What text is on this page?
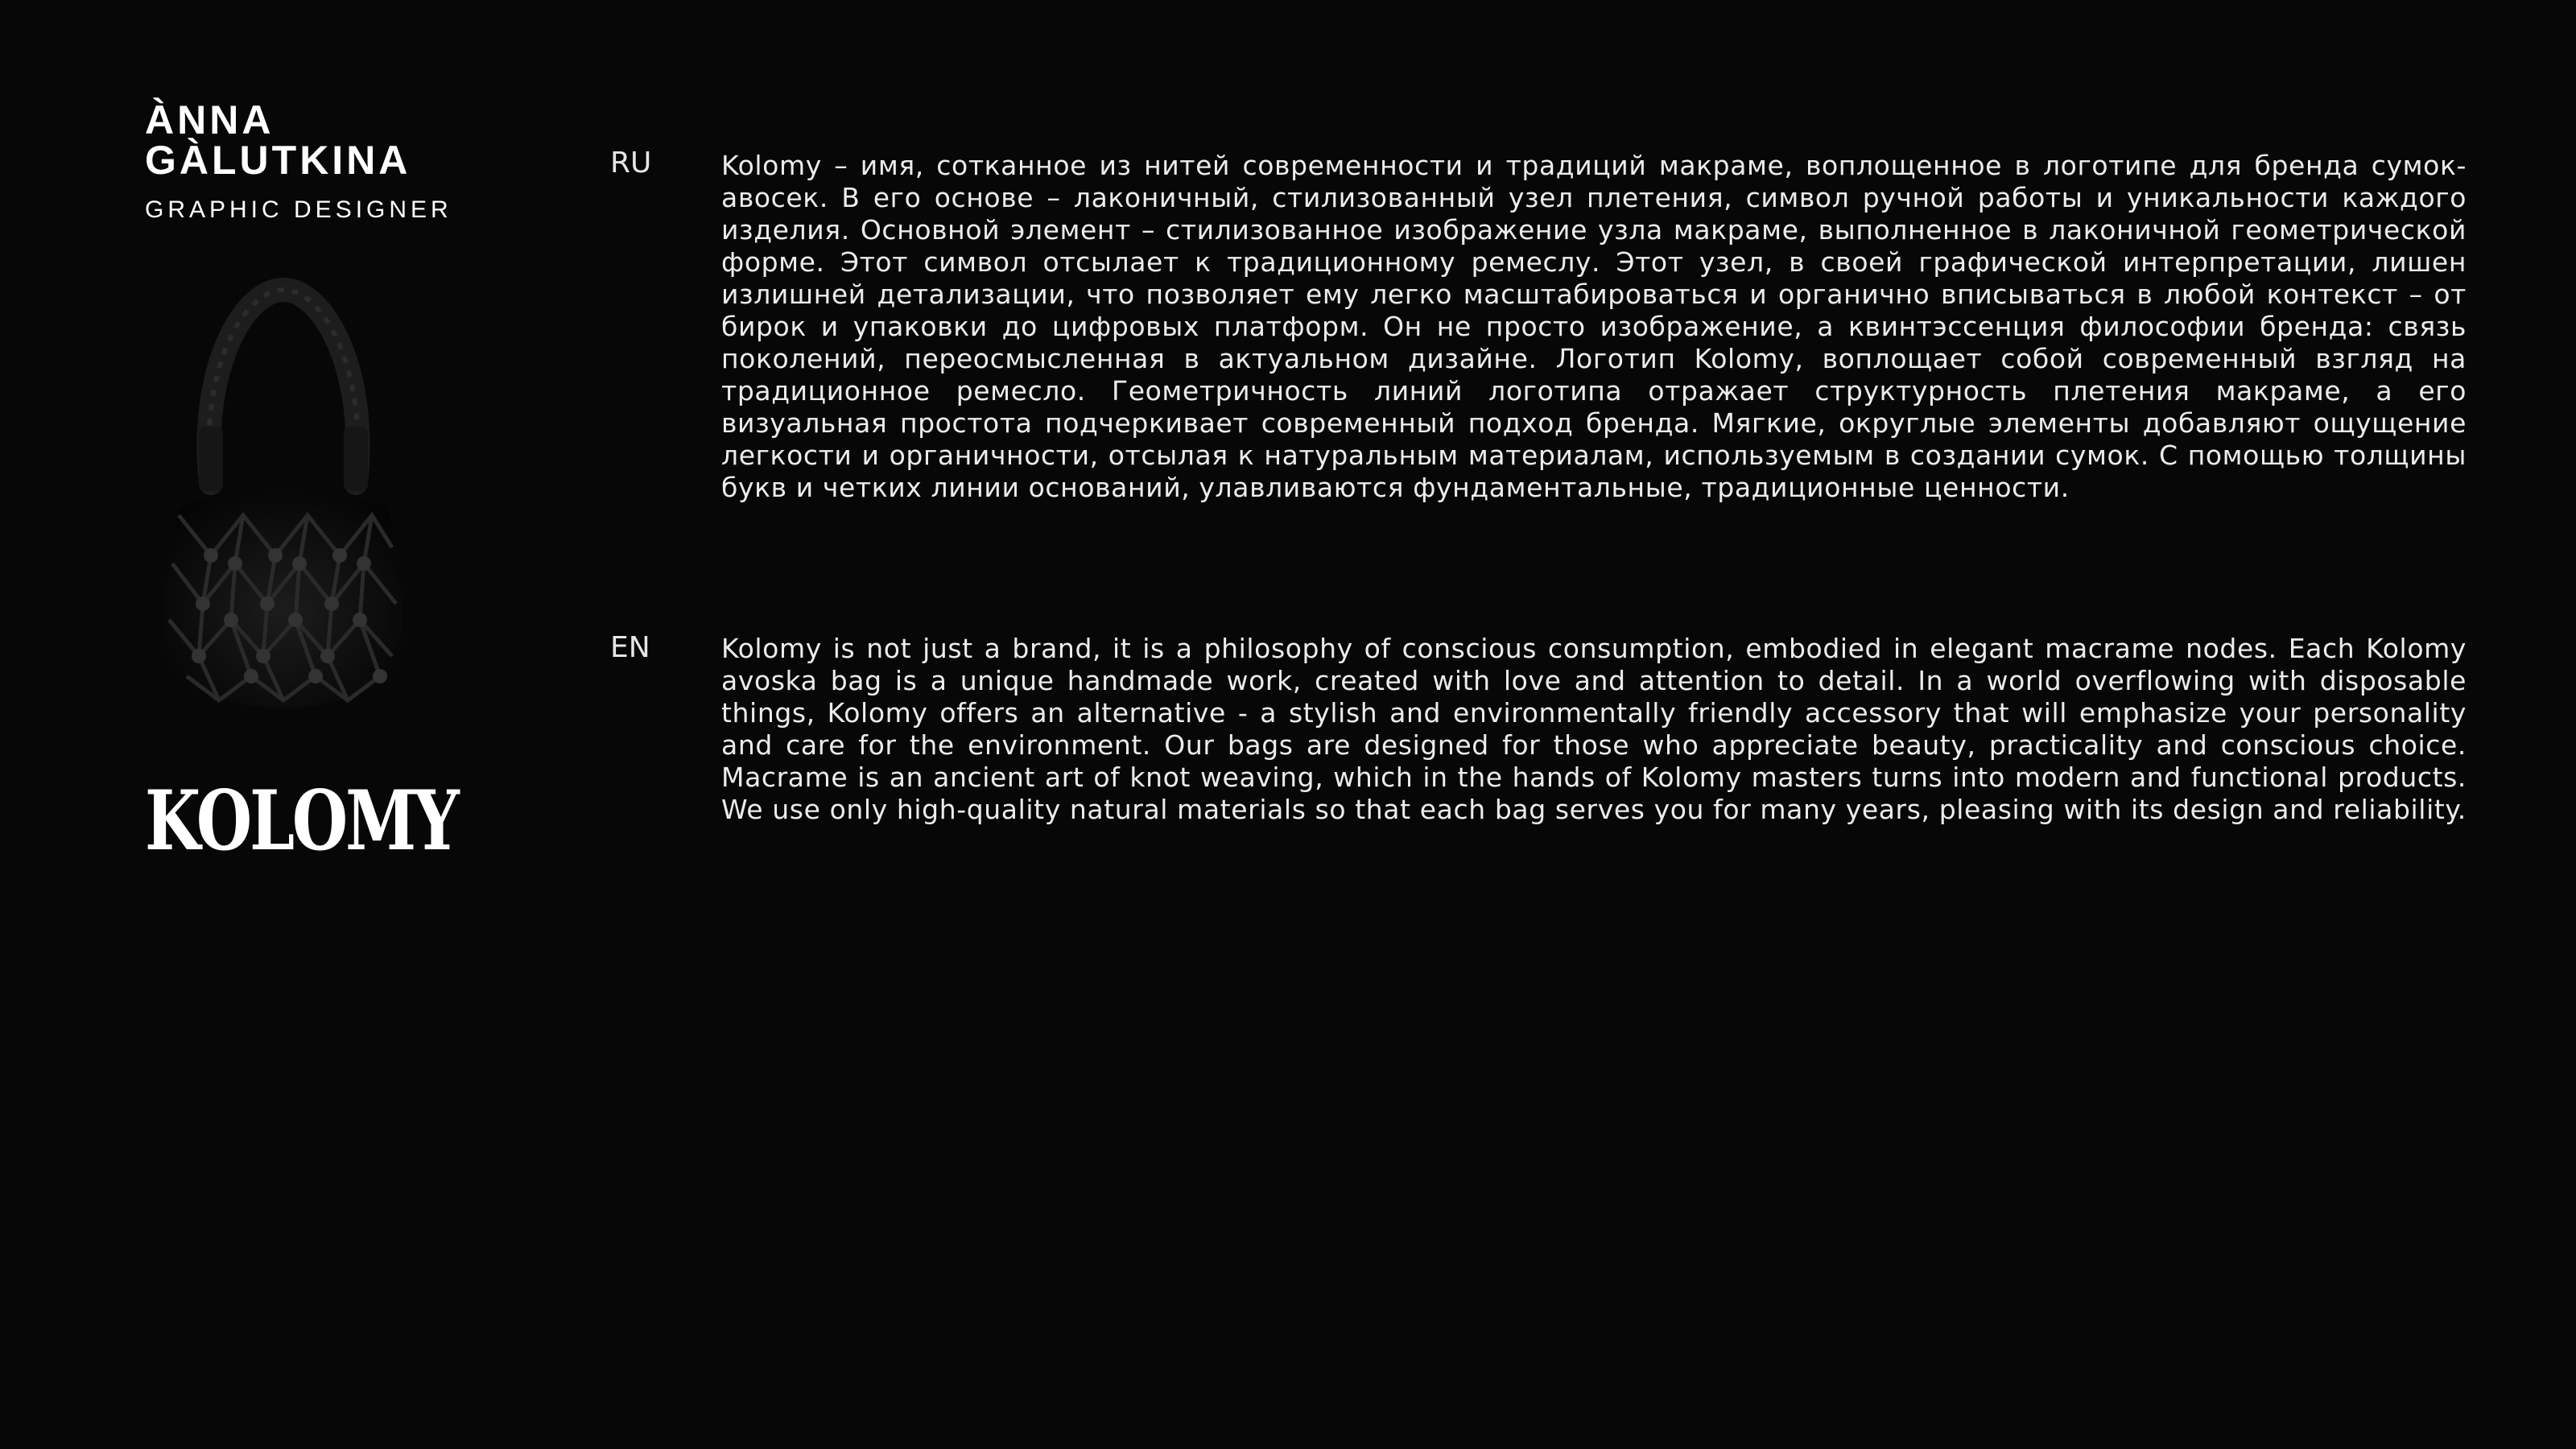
ÀNNA
GÀLUTKINA
GRAPHIC DESIGNER
KOLOMY
RU	Kolomy – имя, сотканное из нитей современности и традиций макраме, воплощенное в логотипе для бренда сумок-авосек. В его основе – лаконичный, стилизованный узел плетения, символ ручной работы и уникальности каждого изделия. Основной элемент – стилизованное изображение узла макраме, выполненное в лаконичной геометрической форме. Этот символ отсылает к традиционному ремеслу. Этот узел, в своей графической интерпретации, лишен излишней детализации, что позволяет ему легко масштабироваться и органично вписываться в любой контекст – от бирок и упаковки до цифровых платформ. Он не просто изображение, а квинтэссенция философии бренда: связь поколений, переосмысленная в актуальном дизайне. Логотип Kolomy, воплощает собой современный взгляд на традиционное ремесло. Геометричность линий логотипа отражает структурность плетения макраме, а его визуальная простота подчеркивает современный подход бренда. Мягкие, округлые элементы добавляют ощущение легкости и органичности, отсылая к натуральным материалам, используемым в создании сумок. С помощью толщины букв и четких линии оснований, улавливаются фундаментальные, традиционные ценности.
EN	Kolomy is not just a brand, it is a philosophy of conscious consumption, embodied in elegant macrame nodes. Each Kolomy avoska bag is a unique handmade work, created with love and attention to detail. In a world overflowing with disposable things, Kolomy offers an alternative - a stylish and environmentally friendly accessory that will emphasize your personality and care for the environment. Our bags are designed for those who appreciate beauty, practicality and conscious choice. Macrame is an ancient art of knot weaving, which in the hands of Kolomy masters turns into modern and functional products. We use only high-quality natural materials so that each bag serves you for many years, pleasing with its design and reliability.
